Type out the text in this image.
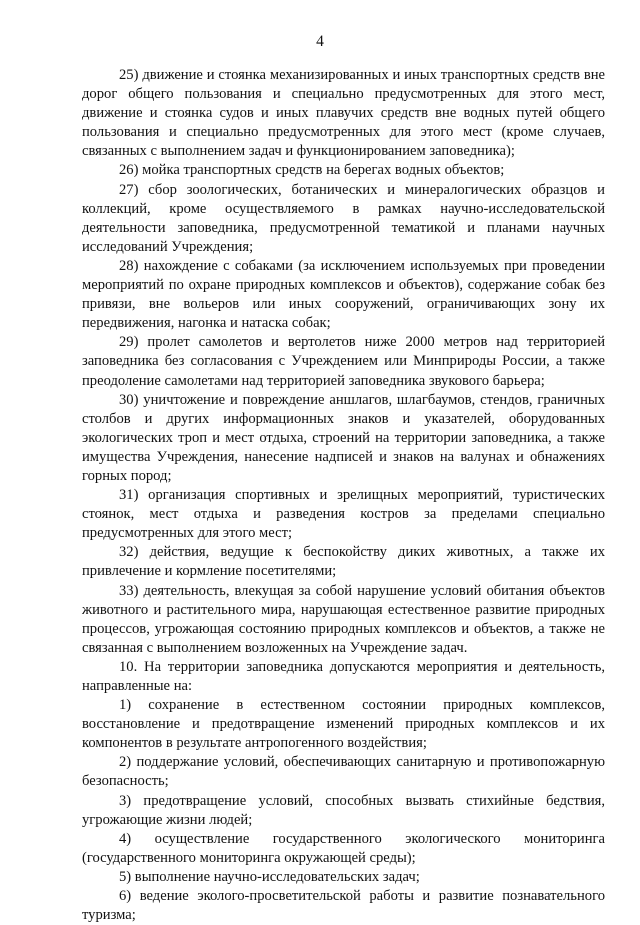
4

25) движение и стоянка механизированных и иных транспортных средств вне дорог общего пользования и специально предусмотренных для этого мест, движение и стоянка судов и иных плавучих средств вне водных путей общего пользования и специально предусмотренных для этого мест (кроме случаев, связанных с выполнением задач и функционированием заповедника);

26) мойка транспортных средств на берегах водных объектов;

27) сбор зоологических, ботанических и минералогических образцов и коллекций, кроме осуществляемого в рамках научно-исследовательской деятельности заповедника, предусмотренной тематикой и планами научных исследований Учреждения;

28) нахождение с собаками (за исключением используемых при проведении мероприятий по охране природных комплексов и объектов), содержание собак без привязи, вне вольеров или иных сооружений, ограничивающих зону их передвижения, нагонка и натаска собак;

29) пролет самолетов и вертолетов ниже 2000 метров над территорией заповедника без согласования с Учреждением или Минприроды России, а также преодоление самолетами над территорией заповедника звукового барьера;

30) уничтожение и повреждение аншлагов, шлагбаумов, стендов, граничных столбов и других информационных знаков и указателей, оборудованных экологических троп и мест отдыха, строений на территории заповедника, а также имущества Учреждения, нанесение надписей и знаков на валунах и обнажениях горных пород;

31) организация спортивных и зрелищных мероприятий, туристических стоянок, мест отдыха и разведения костров за пределами специально предусмотренных для этого мест;

32) действия, ведущие к беспокойству диких животных, а также их привлечение и кормление посетителями;

33) деятельность, влекущая за собой нарушение условий обитания объектов животного и растительного мира, нарушающая естественное развитие природных процессов, угрожающая состоянию природных комплексов и объектов, а также не связанная с выполнением возложенных на Учреждение задач.

10. На территории заповедника допускаются мероприятия и деятельность, направленные на:

1) сохранение в естественном состоянии природных комплексов, восстановление и предотвращение изменений природных комплексов и их компонентов в результате антропогенного воздействия;

2) поддержание условий, обеспечивающих санитарную и противопожарную безопасность;

3) предотвращение условий, способных вызвать стихийные бедствия, угрожающие жизни людей;

4) осуществление государственного экологического мониторинга (государственного мониторинга окружающей среды);

5) выполнение научно-исследовательских задач;

6) ведение эколого-просветительской работы и развитие познавательного туризма;
